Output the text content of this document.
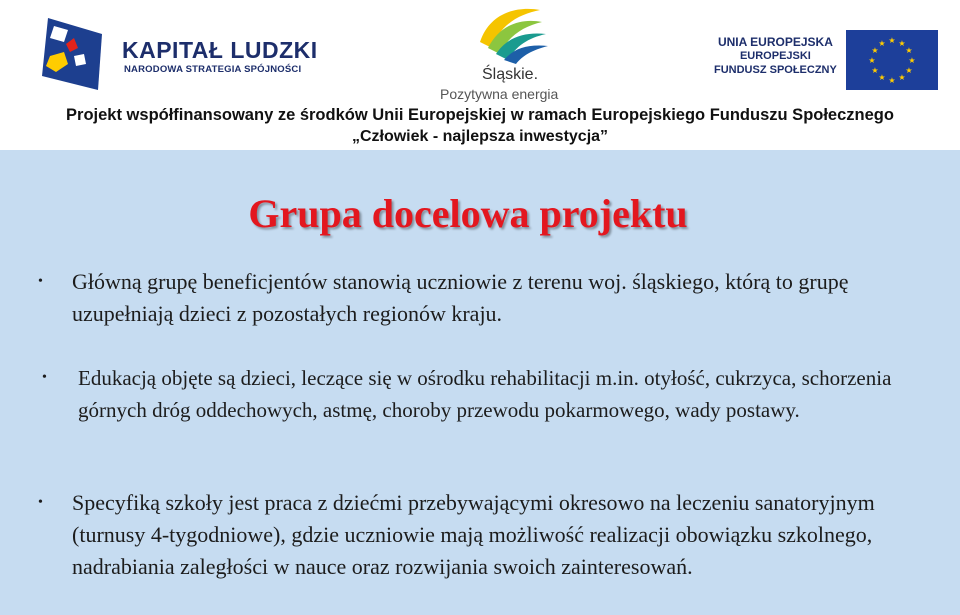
KAPITAŁ LUDZKI
NARODOWA STRATEGIA SPÓJNOŚCI	Śląskie.
Pozytywna energia
UNIA EUROPEJSKA
EUROPEJSKI
FUNDUSZ SPOŁECZNY
★ ★
★
★
★
★
★
★
★
★
★
★
Projekt współfinansowany ze środków Unii Europejskiej w ramach Europejskiego Funduszu Społecznego
„Człowiek - najlepsza inwestycja”
Grupa docelowa projektu
• Główną grupę beneficjentów stanowią uczniowie z terenu woj. śląskiego, którą to grupę uzupełniają dzieci z pozostałych regionów kraju.
• Edukacją objęte są dzieci, leczące się w ośrodku rehabilitacji m.in. otyłość, cukrzyca, schorzenia górnych dróg oddechowych, astmę, choroby przewodu pokarmowego, wady postawy.
• Specyfiką szkoły jest praca z dziećmi przebywającymi okresowo na leczeniu sanatoryjnym (turnusy 4-tygodniowe), gdzie uczniowie mają możliwość realizacji obowiązku szkolnego, nadrabiania zaległości w nauce oraz rozwijania swoich zainteresowań.
